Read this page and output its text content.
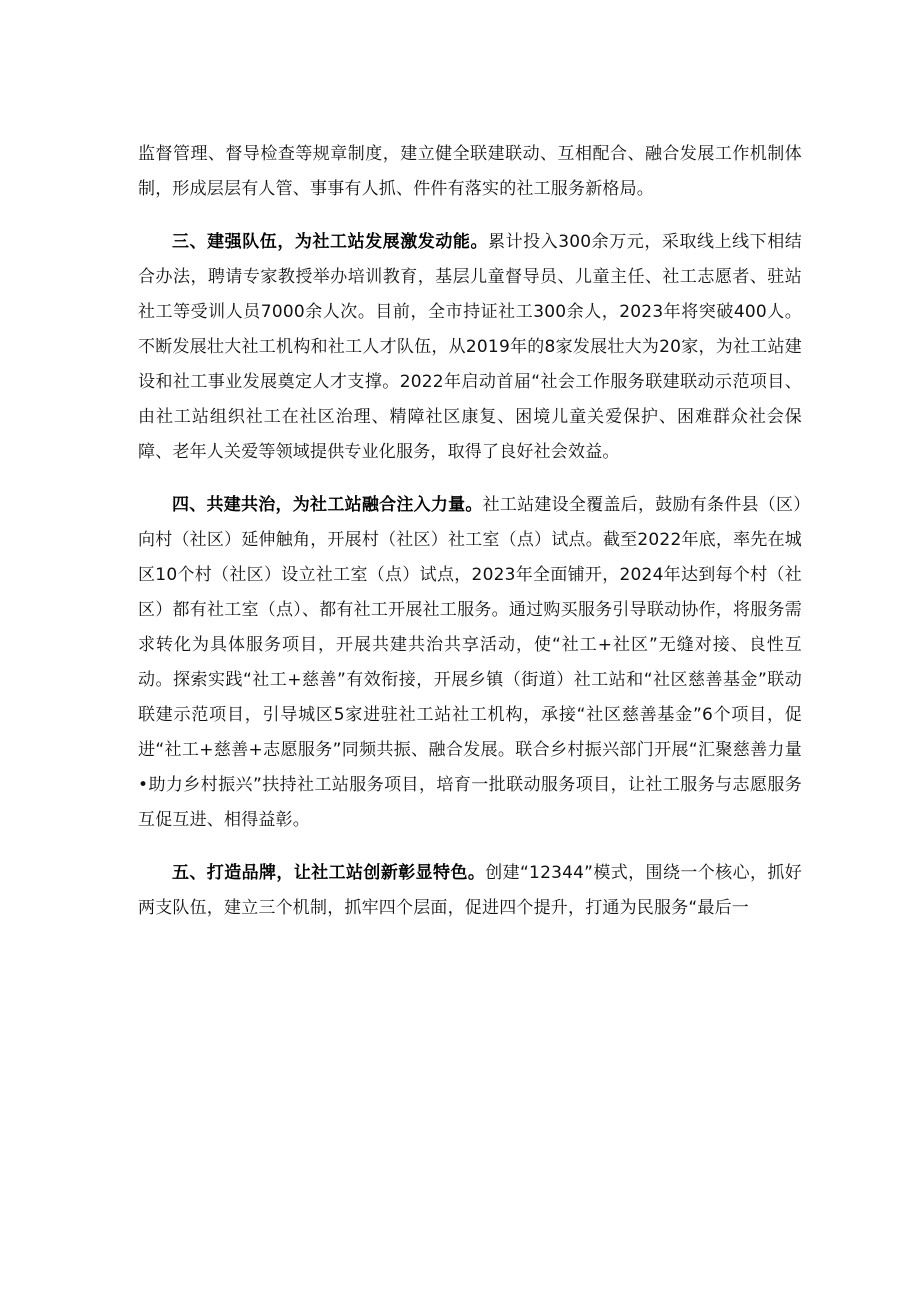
监督管理、督导检查等规章制度，建立健全联建联动、互相配合、融合发展工作机制体制，形成层层有人管、事事有人抓、件件有落实的社工服务新格局。

三、建强队伍，为社工站发展激发动能。累计投入300余万元，采取线上线下相结合办法，聘请专家教授举办培训教育，基层儿童督导员、儿童主任、社工志愿者、驻站社工等受训人员7000余人次。目前，全市持证社工300余人，2023年将突破400人。不断发展壮大社工机构和社工人才队伍，从2019年的8家发展壮大为20家，为社工站建设和社工事业发展奠定人才支撑。2022年启动首届“社会工作服务联建联动示范项目、由社工站组织社工在社区治理、精障社区康复、困境儿童关爱保护、困难群众社会保障、老年人关爱等领域提供专业化服务，取得了良好社会效益。

四、共建共治，为社工站融合注入力量。社工站建设全覆盖后，鼓励有条件县（区）向村（社区）延伸触角，开展村（社区）社工室（点）试点。截至2022年底，率先在城区10个村（社区）设立社工室（点）试点，2023年全面铺开，2024年达到每个村（社区）都有社工室（点）、都有社工开展社工服务。通过购买服务引导联动协作，将服务需求转化为具体服务项目，开展共建共治共享活动，使“社工+社区”无缝对接、良性互动。探索实践“社工+慈善”有效衔接，开展乡镇（街道）社工站和“社区慈善基金”联动联建示范项目，引导城区5家进驻社工站社工机构，承接“社区慈善基金”6个项目，促进“社工+慈善+志愿服务”同频共振、融合发展。联合乡村振兴部门开展“汇聚慈善力量•助力乡村振兴”扶持社工站服务项目，培育一批联动服务项目，让社工服务与志愿服务互促互进、相得益彰。

五、打造品牌，让社工站创新彰显特色。创建“12344”模式，围绕一个核心，抓好两支队伍，建立三个机制，抓牢四个层面，促进四个提升，打通为民服务“最后一
